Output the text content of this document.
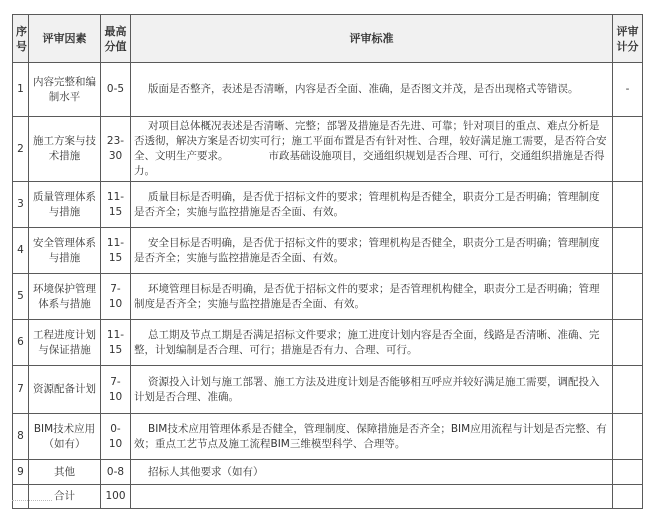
序号	评审因素	最高分值	评审标准	评审计分
1	内容完整和编制水平	0-5	版面是否整齐，表述是否清晰，内容是否全面、准确，是否图文并茂，是否出现格式等错误。	-
2	施工方案与技术措施	23-30	对项目总体概况表述是否清晰、完整；部署及措施是否先进、可靠；针对项目的重点、难点分析是否透彻，解决方案是否切实可行；施工平面布置是否有针对性、合理，较好满足施工需要，是否符合安全、文明生产要求。 市政基础设施项目，交通组织规划是否合理、可行，交通组织措施是否得力。	
3	质量管理体系与措施	11-15	质量目标是否明确，是否优于招标文件的要求；管理机构是否健全，职责分工是否明确；管理制度是否齐全；实施与监控措施是否全面、有效。	
4	安全管理体系与措施	11-15	安全目标是否明确，是否优于招标文件的要求；管理机构是否健全，职责分工是否明确；管理制度是否齐全；实施与监控措施是否全面、有效。	
5	环境保护管理体系与措施	7-10	环境管理目标是否明确，是否优于招标文件的要求；是否管理机构健全，职责分工是否明确；管理制度是否齐全；实施与监控措施是否全面、有效。	
6	工程进度计划与保证措施	11-15	总工期及节点工期是否满足招标文件要求；施工进度计划内容是否全面，线路是否清晰、准确、完整，计划编制是否合理、可行；措施是否有力、合理、可行。	
7	资源配备计划	7-10	资源投入计划与施工部署、施工方法及进度计划是否能够相互呼应并较好满足施工需要，调配投入计划是否合理、准确。	
8	BIM技术应用（如有）	0-10	BIM技术应用管理体系是否健全，管理制度、保障措施是否齐全；BIM应用流程与计划是否完整、有效；重点工艺节点及施工流程BIM三维模型科学、合理等。	
9	其他	0-8	招标人其他要求（如有）	
	合计	100		
